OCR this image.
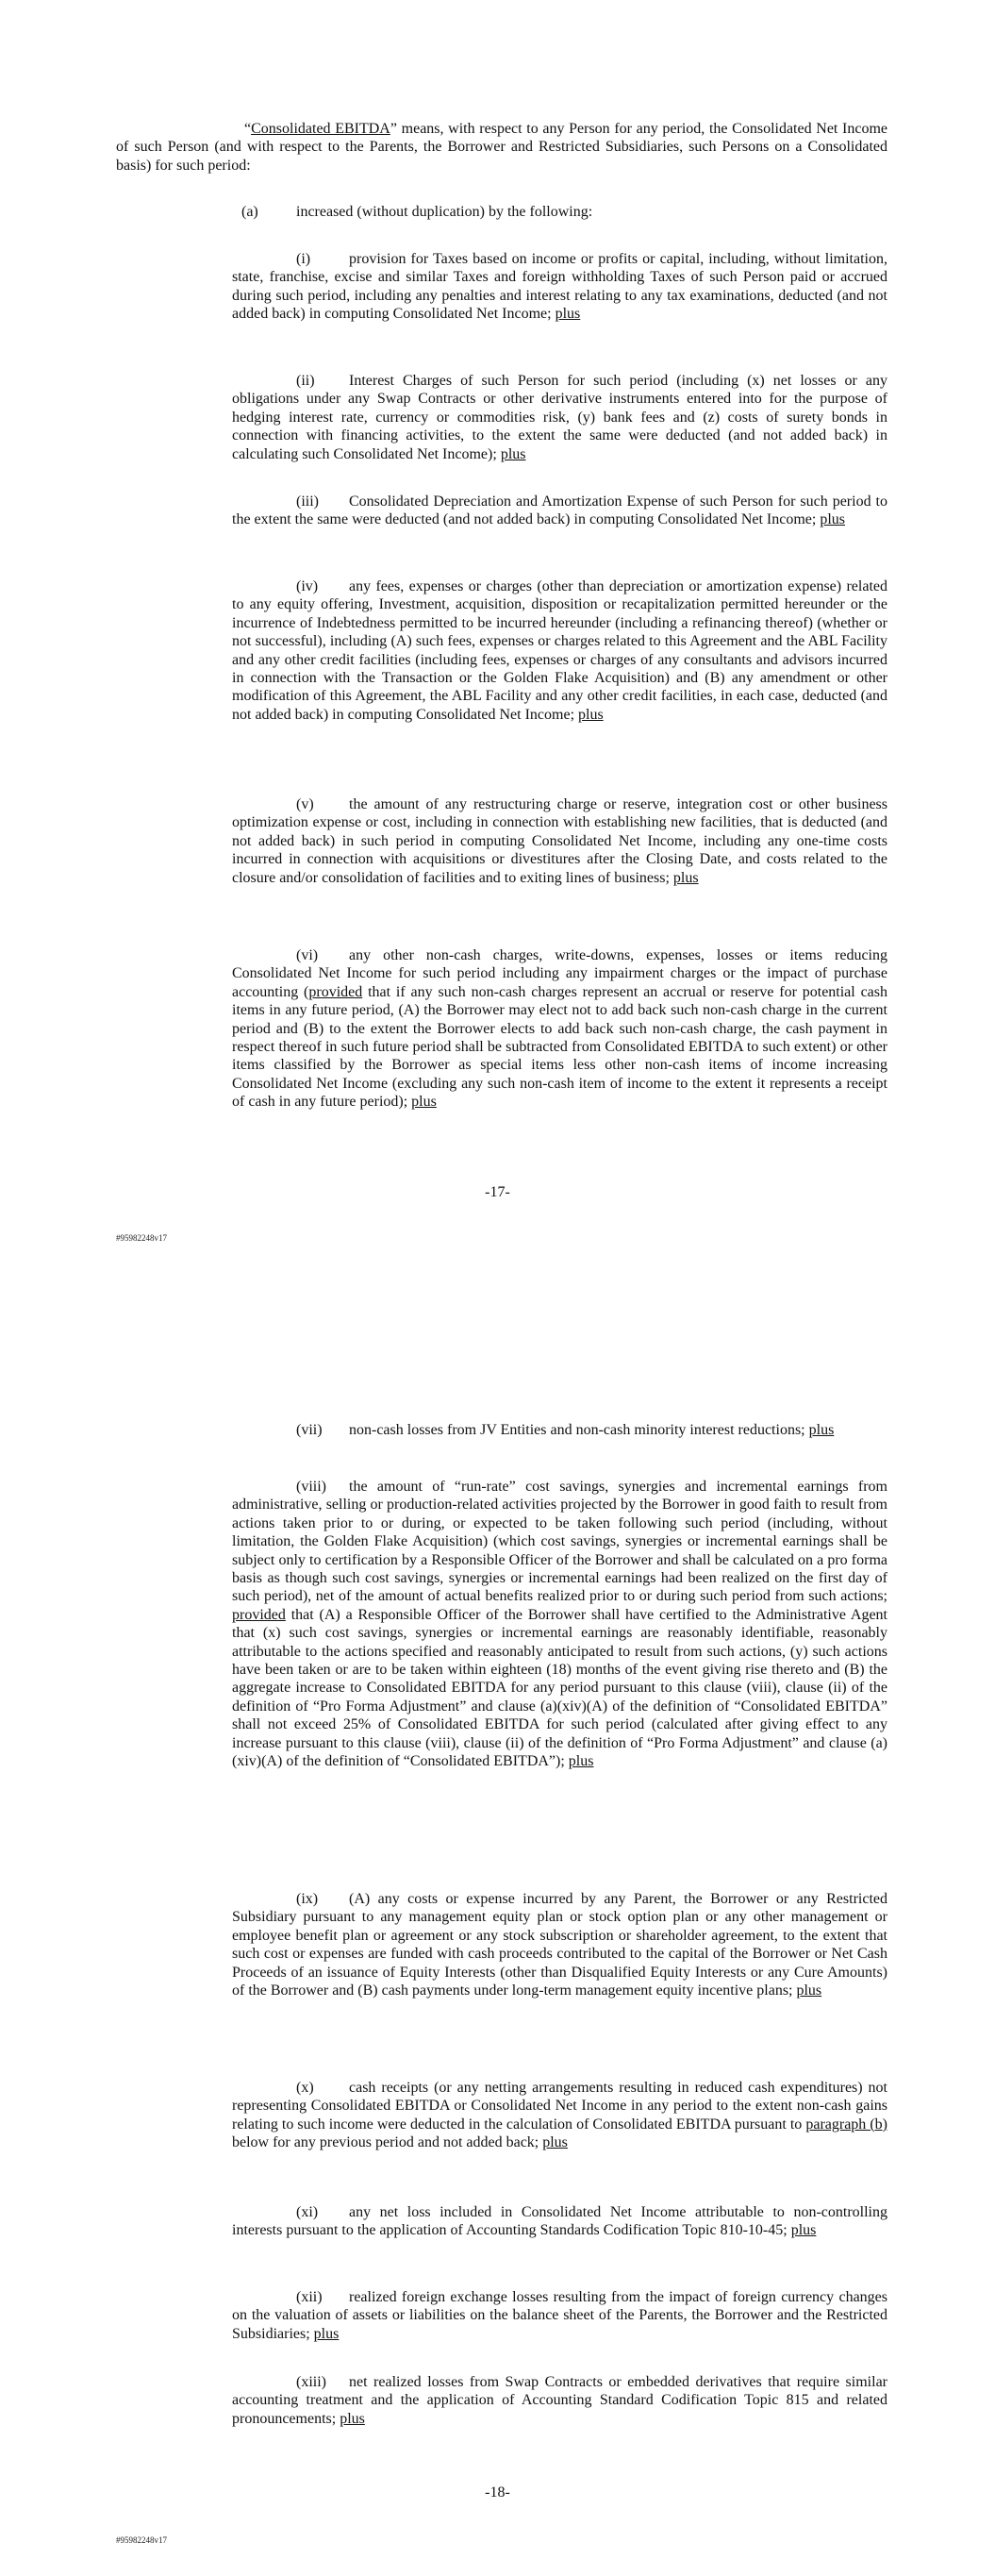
“Consolidated EBITDA” means, with respect to any Person for any period, the Consolidated Net Income of such Person (and with respect to the Parents, the Borrower and Restricted Subsidiaries, such Persons on a Consolidated basis) for such period:

(a)	increased (without duplication) by the following:

(i)	provision for Taxes based on income or profits or capital, including, without limitation, state, franchise, excise and similar Taxes and foreign withholding Taxes of such Person paid or accrued during such period, including any penalties and interest relating to any tax examinations, deducted (and not added back) in computing Consolidated Net Income; plus

(ii) Interest Charges of such Person for such period (including (x) net losses or any obligations under any Swap Contracts or other derivative instruments entered into for the purpose of hedging interest rate, currency or commodities risk, (y) bank fees and (z) costs of surety bonds in connection with financing activities, to the extent the same were deducted (and not added back) in calculating such Consolidated Net Income); plus

(iii) Consolidated Depreciation and Amortization Expense of such Person for such period to the extent the same were deducted (and not added back) in computing Consolidated Net Income; plus

(iv) any fees, expenses or charges (other than depreciation or amortization expense) related to any equity offering, Investment, acquisition, disposition or recapitalization permitted hereunder or the incurrence of Indebtedness permitted to be incurred hereunder (including a refinancing thereof) (whether or not successful), including (A) such fees, expenses or charges related to this Agreement and the ABL Facility and any other credit facilities (including fees, expenses or charges of any consultants and advisors incurred in connection with the Transaction or the Golden Flake Acquisition) and (B) any amendment or other modification of this Agreement, the ABL Facility and any other credit facilities, in each case, deducted (and not added back) in computing Consolidated Net Income; plus

(v) the amount of any restructuring charge or reserve, integration cost or other business optimization expense or cost, including in connection with establishing new facilities, that is deducted (and not added back) in such period in computing Consolidated Net Income, including any one-time costs incurred in connection with acquisitions or divestitures after the Closing Date, and costs related to the closure and/or consolidation of facilities and to exiting lines of business; plus

(vi) any other non-cash charges, write-downs, expenses, losses or items reducing Consolidated Net Income for such period including any impairment charges or the impact of purchase accounting (provided that if any such non-cash charges represent an accrual or reserve for potential cash items in any future period, (A) the Borrower may elect not to add back such non-cash charge in the current period and (B) to the extent the Borrower elects to add back such non-cash charge, the cash payment in respect thereof in such future period shall be subtracted from Consolidated EBITDA to such extent) or other items classified by the Borrower as special items less other non-cash items of income increasing Consolidated Net Income (excluding any such non-cash item of income to the extent it represents a receipt of cash in any future period); plus

-17-
#95982248v17

(vii) non-cash losses from JV Entities and non-cash minority interest reductions; plus

(viii) the amount of “run-rate” cost savings, synergies and incremental earnings from administrative, selling or production-related activities projected by the Borrower in good faith to result from actions taken prior to or during, or expected to be taken following such period (including, without limitation, the Golden Flake Acquisition) (which cost savings, synergies or incremental earnings shall be subject only to certification by a Responsible Officer of the Borrower and shall be calculated on a pro forma basis as though such cost savings, synergies or incremental earnings had been realized on the first day of such period), net of the amount of actual benefits realized prior to or during such period from such actions; provided that (A) a Responsible Officer of the Borrower shall have certified to the Administrative Agent that (x) such cost savings, synergies or incremental earnings are reasonably identifiable, reasonably attributable to the actions specified and reasonably anticipated to result from such actions, (y) such actions have been taken or are to be taken within eighteen (18) months of the event giving rise thereto and (B) the aggregate increase to Consolidated EBITDA for any period pursuant to this clause (viii), clause (ii) of the definition of “Pro Forma Adjustment” and clause (a)(xiv)(A) of the definition of “Consolidated EBITDA” shall not exceed 25% of Consolidated EBITDA for such period (calculated after giving effect to any increase pursuant to this clause (viii), clause (ii) of the definition of “Pro Forma Adjustment” and clause (a)(xiv)(A) of the definition of “Consolidated EBITDA”); plus

(ix) (A) any costs or expense incurred by any Parent, the Borrower or any Restricted Subsidiary pursuant to any management equity plan or stock option plan or any other management or employee benefit plan or agreement or any stock subscription or shareholder agreement, to the extent that such cost or expenses are funded with cash proceeds contributed to the capital of the Borrower or Net Cash Proceeds of an issuance of Equity Interests (other than Disqualified Equity Interests or any Cure Amounts) of the Borrower and (B) cash payments under long-term management equity incentive plans; plus

(x) cash receipts (or any netting arrangements resulting in reduced cash expenditures) not representing Consolidated EBITDA or Consolidated Net Income in any period to the extent non-cash gains relating to such income were deducted in the calculation of Consolidated EBITDA pursuant to paragraph (b) below for any previous period and not added back; plus

(xi) any net loss included in Consolidated Net Income attributable to non-controlling interests pursuant to the application of Accounting Standards Codification Topic 810-10-45; plus

(xii) realized foreign exchange losses resulting from the impact of foreign currency changes on the valuation of assets or liabilities on the balance sheet of the Parents, the Borrower and the Restricted Subsidiaries; plus

(xiii) net realized losses from Swap Contracts or embedded derivatives that require similar accounting treatment and the application of Accounting Standard Codification Topic 815 and related pronouncements; plus

-18-
#95982248v17
